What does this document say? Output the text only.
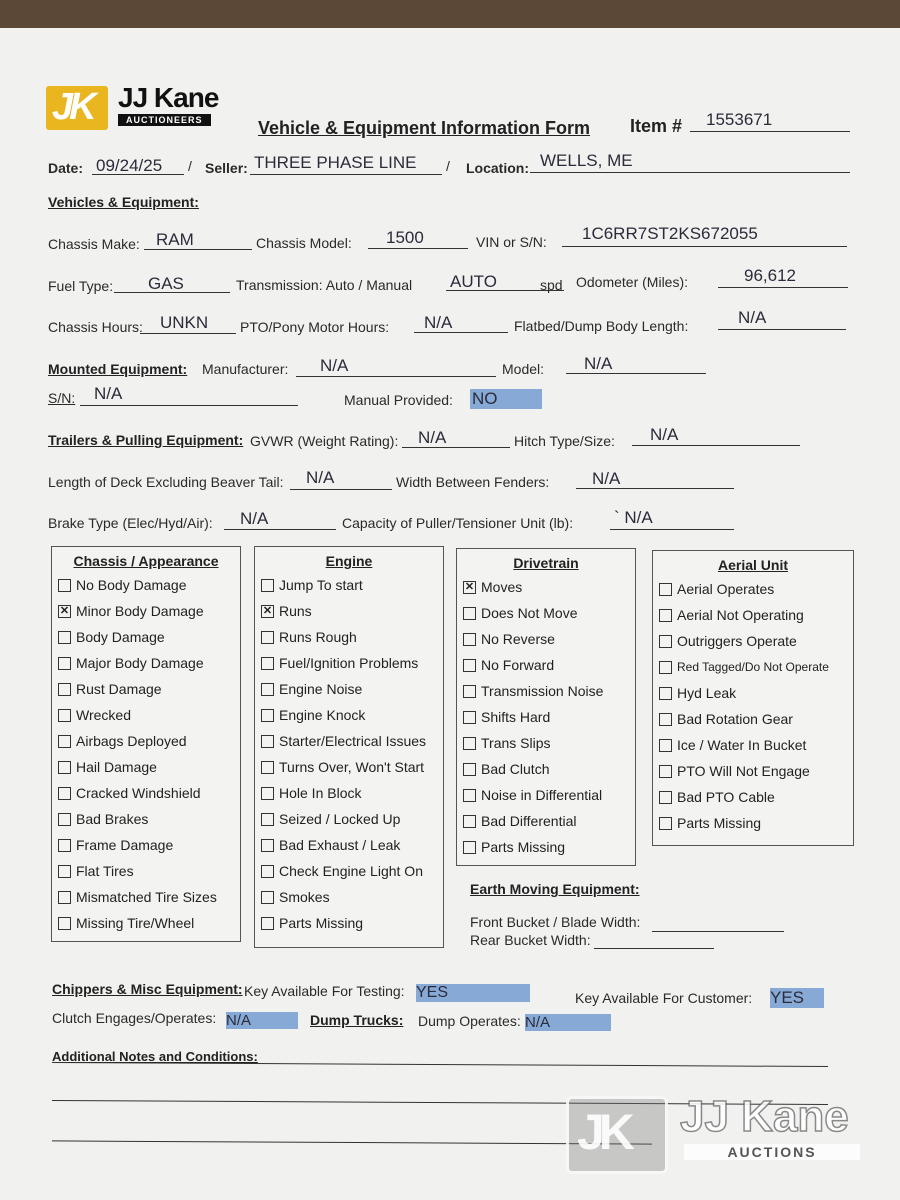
JK JJ Kane
AUCTIONEERS	Vehicle & Equipment Information Form Item # 1553671
Date: 09/24/25 / Seller: THREE PHASE LINE / Location: WELLS, ME
Vehicles & Equipment:
Chassis Make: RAM	Chassis Model: 1500	VIN or S/N: 1C6RR7ST2KS672055
Fuel Type: GAS	Transmission: Auto / Manual AUTO	spd Odometer (Miles):	96,612
Chassis Hours: UNKN PTO/Pony Motor Hours: N/A	Flatbed/Dump Body Length:	N/A
Mounted Equipment: Manufacturer: N/A	Model: N/A
S/N: N/A	Manual Provided: NO
Trailers & Pulling Equipment: GVWR (Weight Rating): N/A	Hitch Type/Size: N/A
Length of Deck Excluding Beaver Tail: N/A	Width Between Fenders:	N/A
Brake Type (Elec/Hyd/Air): N/A	Capacity of Puller/Tensioner Unit (lb): ` N/A
Chassis / Appearance
No Body Damage
✕ Minor Body Damage
Body Damage
Major Body Damage
Rust Damage
Wrecked
Airbags Deployed
Hail Damage
Cracked Windshield
Bad Brakes
Frame Damage
Flat Tires
Mismatched Tire Sizes
Missing Tire/Wheel
Engine
Jump To start
✕ Runs
Runs Rough
Fuel/Ignition Problems
Engine Noise
Engine Knock
Starter/Electrical Issues
Turns Over, Won't Start
Hole In Block
Seized / Locked Up
Bad Exhaust / Leak
Check Engine Light On
Smokes
Parts Missing
Drivetrain
✕ Moves
Does Not Move
No Reverse
No Forward
Transmission Noise
Shifts Hard
Trans Slips
Bad Clutch
Noise in Differential
Bad Differential
Parts Missing
Aerial Unit
Aerial Operates
Aerial Not Operating
Outriggers Operate
Red Tagged/Do Not Operate
Hyd Leak
Bad Rotation Gear
Ice / Water In Bucket
PTO Will Not Engage
Bad PTO Cable
Parts Missing
Earth Moving Equipment:
Front Bucket / Blade Width:
Rear Bucket Width:
Chippers & Misc Equipment: Key Available For Testing: YES	Key Available For Customer: YES
Clutch Engages/Operates: N/A	Dump Trucks: Dump Operates: N/A
Additional Notes and Conditions:
JK JJ Kane
AUCTIONS
